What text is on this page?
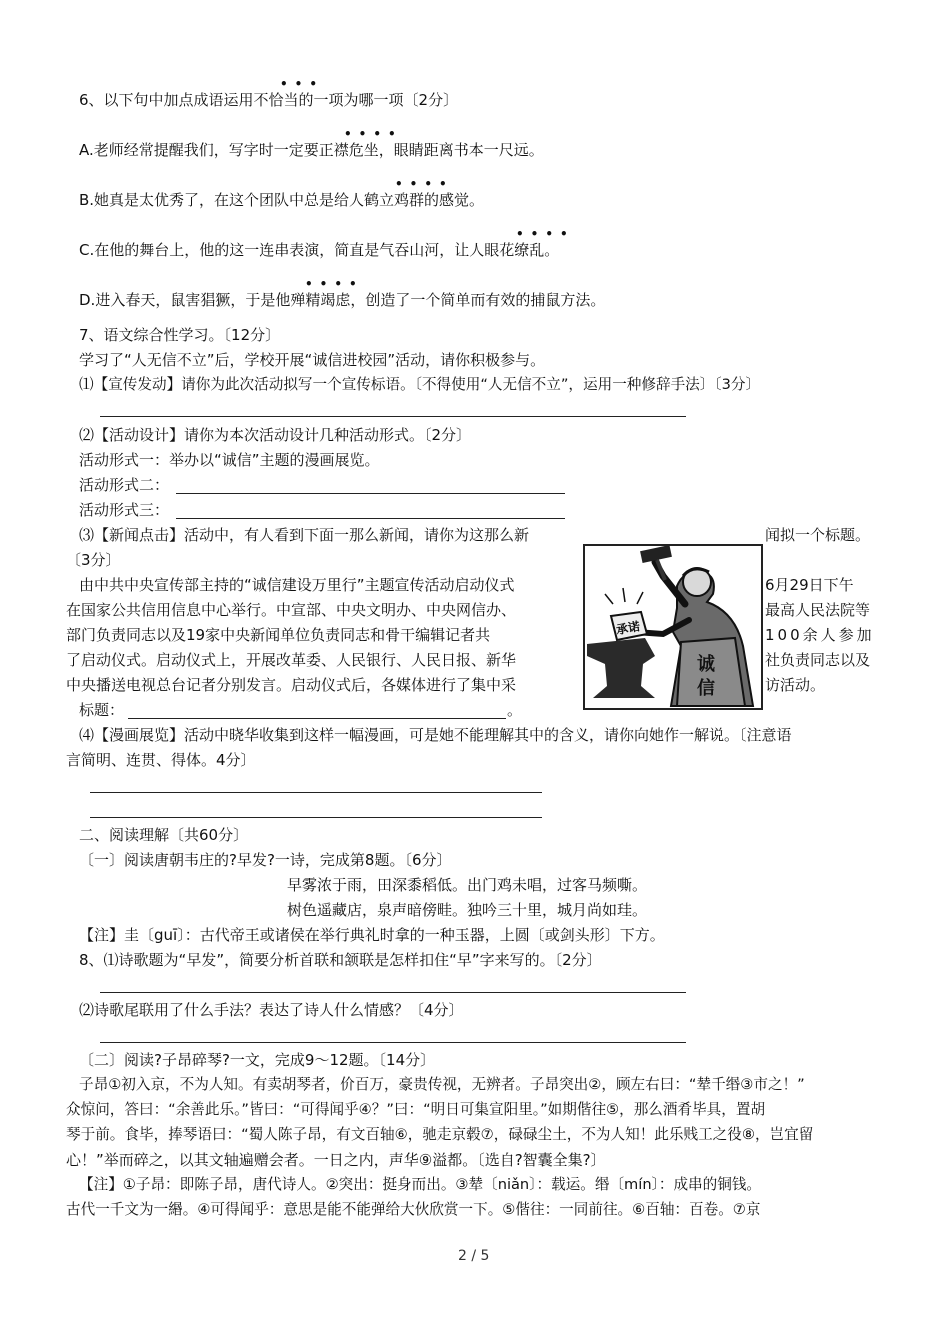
•••
••••
••••
••••
••••
6、以下句中加点成语运用不恰当的一项为哪一项〔2分〕
A.老师经常提醒我们，写字时一定要正襟危坐，眼睛距离书本一尺远。
B.她真是太优秀了，在这个团队中总是给人鹤立鸡群的感觉。
C.在他的舞台上，他的这一连串表演，简直是气吞山河，让人眼花缭乱。
D.进入春天，鼠害猖獗，于是他殚精竭虑，创造了一个简单而有效的捕鼠方法。
7、语文综合性学习。〔12分〕
学习了“人无信不立”后，学校开展“诚信进校园”活动，请你积极参与。
⑴【宣传发动】请你为此次活动拟写一个宣传标语。〔不得使用“人无信不立”，运用一种修辞手法〕〔3分〕
⑵【活动设计】请你为本次活动设计几种活动形式。〔2分〕
活动形式一：举办以“诚信”主题的漫画展览。
活动形式二：
活动形式三：
⑶【新闻点击】活动中，有人看到下面一那么新闻，请你为这那么新	闻拟一个标题。
〔3分〕
由中共中央宣传部主持的“诚信建设万里行”主题宣传活动启动仪式
在国家公共信用信息中心举行。中宣部、中央文明办、中央网信办、
部门负责同志以及19家中央新闻单位负责同志和骨干编辑记者共
了启动仪式。启动仪式上，开展改革委、人民银行、人民日报、新华
中央播送电视总台记者分别发言。启动仪式后，各媒体进行了集中采
6月29日下午
最高人民法院等
100余人参加
社负责同志以及
访活动。
承诺
诚
信
标题：	。
⑷【漫画展览】活动中晓华收集到这样一幅漫画，可是她不能理解其中的含义，请你向她作一解说。〔注意语
言简明、连贯、得体。4分〕
二、阅读理解〔共60分〕
〔一〕阅读唐朝韦庄的?早发?一诗，完成第8题。〔6分〕
早雾浓于雨，田深黍稻低。出门鸡未唱，过客马频嘶。
树色遥藏店，泉声暗傍畦。独吟三十里，城月尚如珪。
【注】圭〔guī〕：古代帝王或诸侯在举行典礼时拿的一种玉器，上圆〔或剑头形〕下方。
8、⑴诗歌题为“早发”，简要分析首联和颔联是怎样扣住“早”字来写的。〔2分〕
⑵诗歌尾联用了什么手法？表达了诗人什么情感？〔4分〕
〔二〕阅读?子昂碎琴?一文，完成9～12题。〔14分〕
子昂①初入京，不为人知。有卖胡琴者，价百万，豪贵传视，无辨者。子昂突出②，顾左右曰：“辇千缗③市之！”
众惊问，答曰：“余善此乐。”皆曰：“可得闻乎④？”曰：“明日可集宣阳里。”如期偕往⑤，那么酒肴毕具，置胡
琴于前。食毕，捧琴语曰：“蜀人陈子昂，有文百轴⑥，驰走京毂⑦，碌碌尘土，不为人知！此乐贱工之役⑧，岂宜留
心！”举而碎之，以其文轴遍赠会者。一日之内，声华⑨溢都。〔选自?智囊全集?〕
【注】①子昂：即陈子昂，唐代诗人。②突出：挺身而出。③辇〔niǎn〕：载运。缗〔mín〕：成串的铜钱。
古代一千文为一緡。④可得闻乎：意思是能不能弹给大伙欣赏一下。⑤偕往：一同前往。⑥百轴：百卷。⑦京
2 / 5
